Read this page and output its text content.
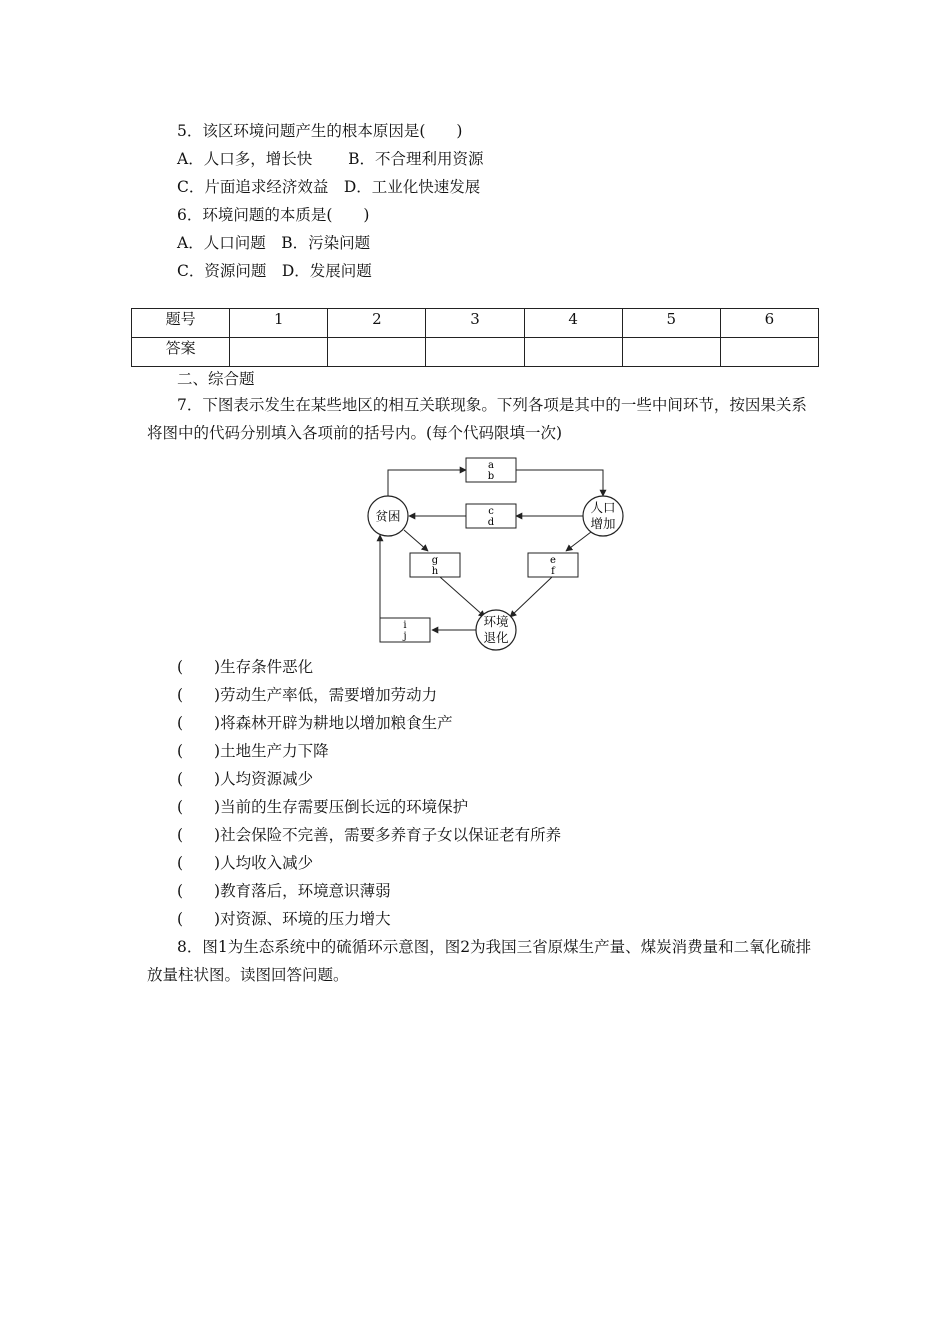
5．该区环境问题产生的根本原因是(　　)
A．人口多，增长快　　 B．不合理利用资源
C．片面追求经济效益　D．工业化快速发展
6．环境问题的本质是(　　)
A．人口问题　B．污染问题
C．资源问题　D．发展问题
题号	1	2	3	4	5	6
答案						
二、综合题
7．下图表示发生在某些地区的相互关联现象。下列各项是其中的一些中间环节，按因果关系将图中的代码分别填入各项前的括号内。(每个代码限填一次)
贫困
人口
增加
环境
退化
a
b
c
d
g
h
e
f
i
j
(　　)生存条件恶化
(　　)劳动生产率低，需要增加劳动力
(　　)将森林开辟为耕地以增加粮食生产
(　　)土地生产力下降
(　　)人均资源减少
(　　)当前的生存需要压倒长远的环境保护
(　　)社会保险不完善，需要多养育子女以保证老有所养
(　　)人均收入减少
(　　)教育落后，环境意识薄弱
(　　)对资源、环境的压力增大
8．图1为生态系统中的硫循环示意图，图2为我国三省原煤生产量、煤炭消费量和二氧化硫排放量柱状图。读图回答问题。
